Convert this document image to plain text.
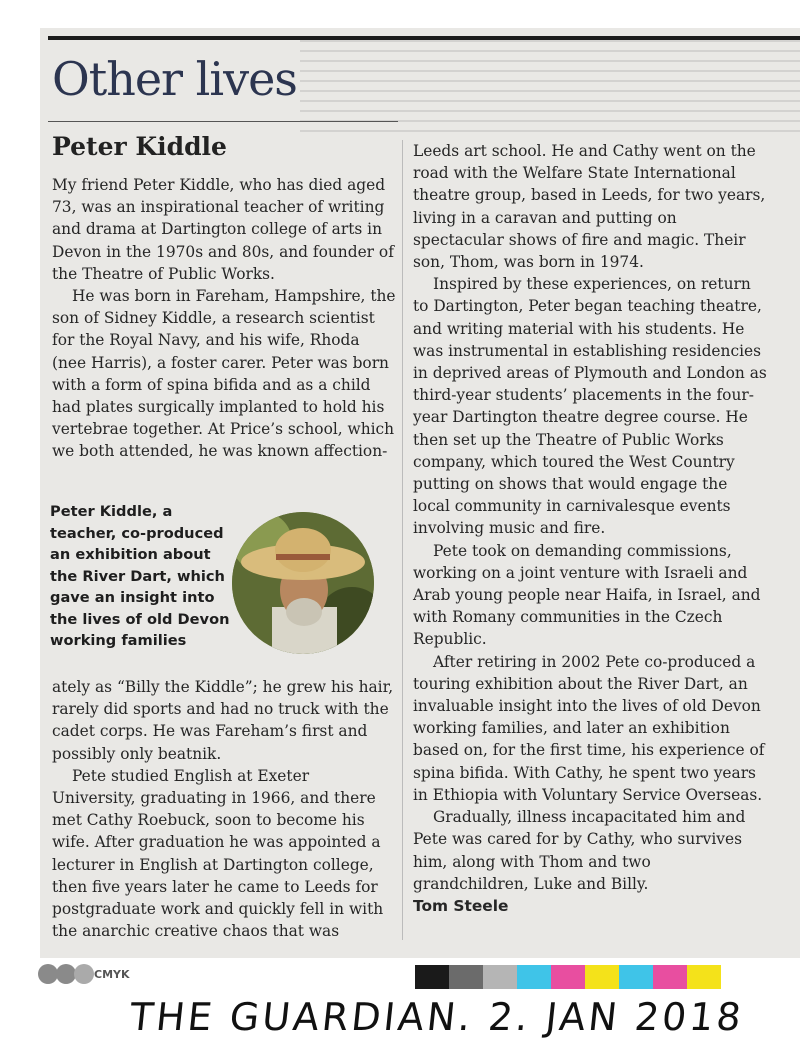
Other lives
Peter Kiddle

My friend Peter Kiddle, who has died aged 73, was an inspirational teacher of writing and drama at Dartington college of arts in Devon in the 1970s and 80s, and founder of the Theatre of Public Works.

He was born in Fareham, Hampshire, the son of Sidney Kiddle, a research scientist for the Royal Navy, and his wife, Rhoda (nee Harris), a foster carer. Peter was born with a form of spina bifida and as a child had plates surgically implanted to hold his vertebrae together. At Price’s school, which we both attended, he was known affection-

Peter Kiddle, a teacher, co-produced an exhibition about the River Dart, which gave an insight into the lives of old Devon working families

ately as “Billy the Kiddle”; he grew his hair, rarely did sports and had no truck with the cadet corps. He was Fareham’s first and possibly only beatnik.

Pete studied English at Exeter University, graduating in 1966, and there met Cathy Roebuck, soon to become his wife. After graduation he was appointed a lecturer in English at Dartington college, then five years later he came to Leeds for postgraduate work and quickly fell in with the anarchic creative chaos that was

Leeds art school. He and Cathy went on the road with the Welfare State International theatre group, based in Leeds, for two years, living in a caravan and putting on spectacular shows of fire and magic. Their son, Thom, was born in 1974.

Inspired by these experiences, on return to Dartington, Peter began teaching theatre, and writing material with his students. He was instrumental in establishing residencies in deprived areas of Plymouth and London as third-year students’ placements in the four-year Dartington theatre degree course. He then set up the Theatre of Public Works company, which toured the West Country putting on shows that would engage the local community in carnivalesque events involving music and fire.

Pete took on demanding commissions, working on a joint venture with Israeli and Arab young people near Haifa, in Israel, and with Romany communities in the Czech Republic.

After retiring in 2002 Pete co-produced a touring exhibition about the River Dart, an invaluable insight into the lives of old Devon working families, and later an exhibition based on, for the first time, his experience of spina bifida. With Cathy, he spent two years in Ethiopia with Voluntary Service Overseas.

Gradually, illness incapacitated him and Pete was cared for by Cathy, who survives him, along with Thom and two grandchildren, Luke and Billy.

Tom Steele

CMYK
THE GUARDIAN. 2. JAN 2018
